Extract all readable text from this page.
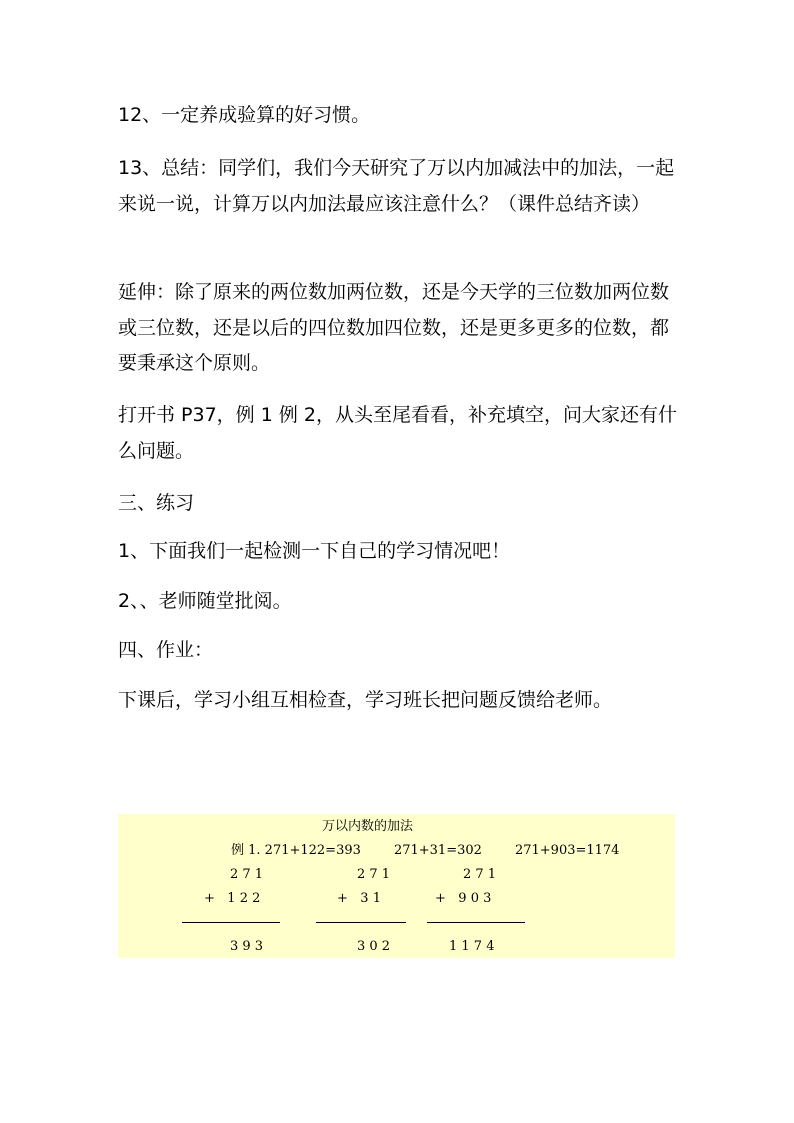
12、一定养成验算的好习惯。
13、总结：同学们，我们今天研究了万以内加减法中的加法，一起来说一说，计算万以内加法最应该注意什么？（课件总结齐读）
延伸：除了原来的两位数加两位数，还是今天学的三位数加两位数或三位数，还是以后的四位数加四位数，还是更多更多的位数，都要秉承这个原则。
打开书 P37，例 1 例 2，从头至尾看看，补充填空，问大家还有什么问题。
三、练习
1、下面我们一起检测一下自己的学习情况吧！
2、、老师随堂批阅。
四、作业：
下课后，学习小组互相检查，学习班长把问题反馈给老师。
万以内数的加法
例 1. 271+122=393        271+31=302        271+903=1174
2 7 1
+   1 2 2
3 9 3
2 7 1
+   3 1
3 0 2
2 7 1
+   9 0 3
1 1 7 4
